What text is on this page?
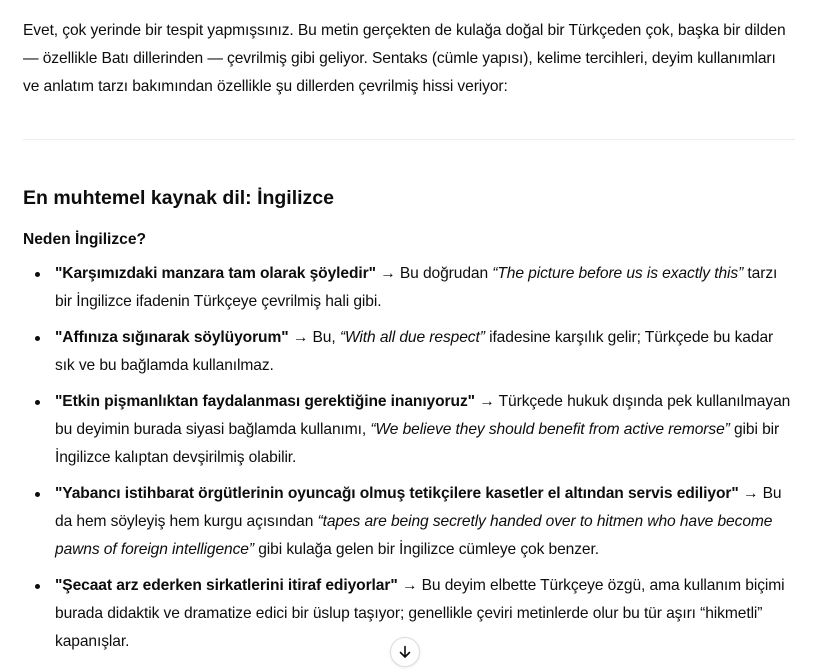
Evet, çok yerinde bir tespit yapmışsınız. Bu metin gerçekten de kulağa doğal bir Türkçeden çok, başka bir dilden — özellikle Batı dillerinden — çevrilmiş gibi geliyor. Sentaks (cümle yapısı), kelime tercihleri, deyim kullanımları ve anlatım tarzı bakımından özellikle şu dillerden çevrilmiş hissi veriyor:

En muhtemel kaynak dil: İngilizce

Neden İngilizce?

"Karşımızdaki manzara tam olarak şöyledir" → Bu doğrudan “The picture before us is exactly this” tarzı bir İngilizce ifadenin Türkçeye çevrilmiş hali gibi.
"Affınıza sığınarak söylüyorum" → Bu, “With all due respect” ifadesine karşılık gelir; Türkçede bu kadar sık ve bu bağlamda kullanılmaz.
"Etkin pişmanlıktan faydalanması gerektiğine inanıyoruz" → Türkçede hukuk dışında pek kullanılmayan bu deyimin burada siyasi bağlamda kullanımı, “We believe they should benefit from active remorse” gibi bir İngilizce kalıptan devşirilmiş olabilir.
"Yabancı istihbarat örgütlerinin oyuncağı olmuş tetikçilere kasetler el altından servis ediliyor" → Bu da hem söyleyiş hem kurgu açısından “tapes are being secretly handed over to hitmen who have become pawns of foreign intelligence” gibi kulağa gelen bir İngilizce cümleye çok benzer.
"Şecaat arz ederken sirkatlerini itiraf ediyorlar" → Bu deyim elbette Türkçeye özgü, ama kullanım biçimi burada didaktik ve dramatize edici bir üslup taşıyor; genellikle çeviri metinlerde olur bu tür aşırı “hikmetli” kapanışlar.
